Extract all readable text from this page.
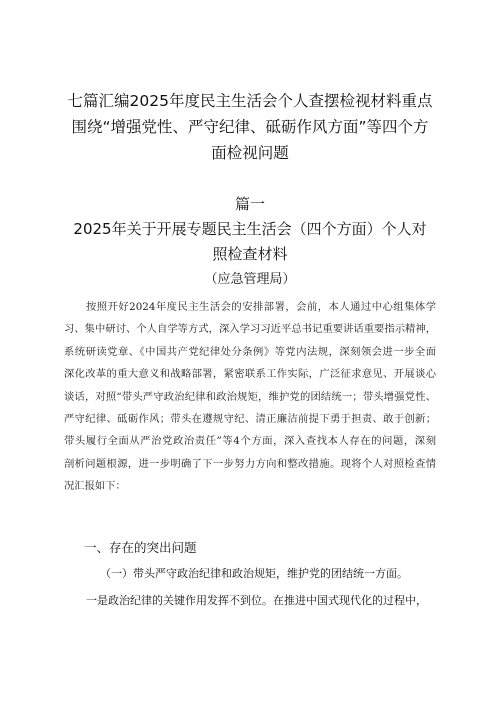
七篇汇编2025年度民主生活会个人查摆检视材料重点
围绕“增强党性、严守纪律、砥砺作风方面”等四个方
面检视问题
篇一
2025年关于开展专题民主生活会（四个方面）个人对
照检查材料
（应急管理局）
按照开好2024年度民主生活会的安排部署，会前，本人通过中心组集体学
习、集中研讨、个人自学等方式，深入学习习近平总书记重要讲话重要指示精神，
系统研读党章、《中国共产党纪律处分条例》等党内法规，深刻领会进一步全面
深化改革的重大意义和战略部署，紧密联系工作实际，广泛征求意见、开展谈心
谈话，对照“带头严守政治纪律和政治规矩，维护党的团结统一；带头增强党性、
严守纪律、砥砺作风；带头在遵规守纪、清正廉洁前提下勇于担责、敢于创新；
带头履行全面从严治党政治责任”等4个方面，深入查找本人存在的问题，深刻
剖析问题根源，进一步明确了下一步努力方向和整改措施。现将个人对照检查情
况汇报如下：
一、存在的突出问题
（一）带头严守政治纪律和政治规矩，维护党的团结统一方面。
一是政治纪律的关键作用发挥不到位。在推进中国式现代化的过程中，
